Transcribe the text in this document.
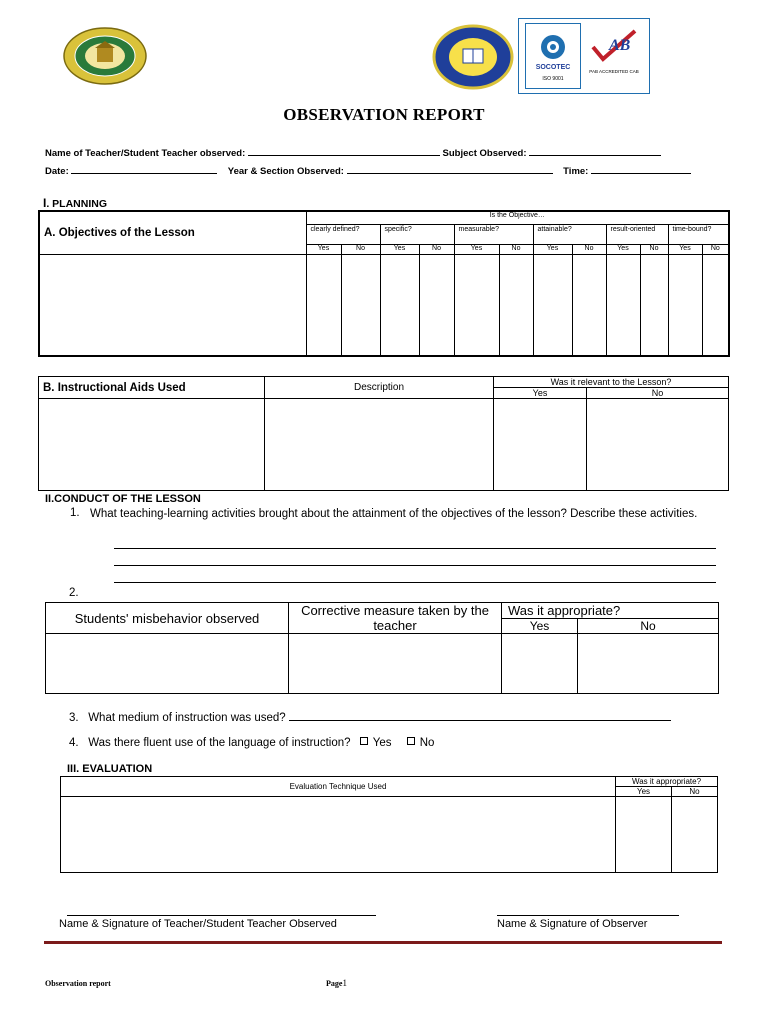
SOCOTEC
ISO 9001
AB
PAB ACCREDITED CAB
OBSERVATION REPORT
Name of Teacher/Student Teacher observed:	Subject Observed:
Date:	Year & Section Observed:	Time:
I. PLANNING
A. Objectives of the Lesson	Is the Objective…											
	clearly defined?		specific?		measurable?		attainable?		result-oriented		time-bound?	
	Yes	No	Yes	No	Yes	No	Yes	No	Yes	No	Yes	No

B. Instructional Aids Used	Description	Was it relevant to the Lesson?	
		Yes	No

II.CONDUCT OF THE LESSON
1. What teaching-learning activities brought about the attainment of the objectives of the lesson? Describe these activities.
2.
Students' misbehavior observed	Corrective measure taken by the teacher	Was it appropriate?	
		Yes	No

3. What medium of instruction was used?
4. Was there fluent use of the language of instruction? Yes No
III. EVALUATION
Evaluation Technique Used	Was it appropriate?	
	Yes	No

Name & Signature of Teacher/Student Teacher Observed	Name & Signature of Observer
Observation report	Page1
